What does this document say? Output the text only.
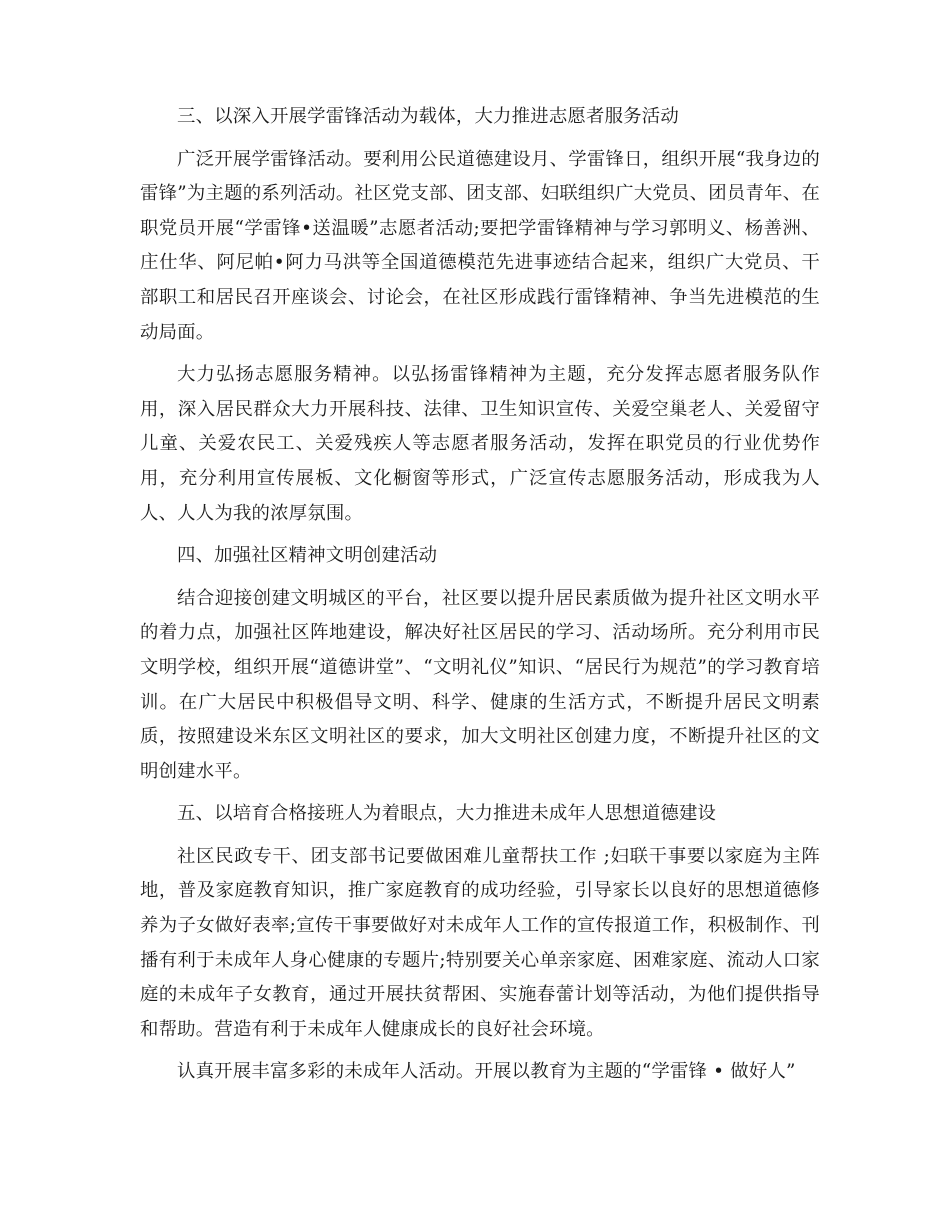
三、以深入开展学雷锋活动为载体，大力推进志愿者服务活动

广泛开展学雷锋活动。要利用公民道德建设月、学雷锋日，组织开展“我身边的雷锋”为主题的系列活动。社区党支部、团支部、妇联组织广大党员、团员青年、在职党员开展“学雷锋•送温暖”志愿者活动;要把学雷锋精神与学习郭明义、杨善洲、庄仕华、阿尼帕•阿力马洪等全国道德模范先进事迹结合起来，组织广大党员、干部职工和居民召开座谈会、讨论会，在社区形成践行雷锋精神、争当先进模范的生动局面。

大力弘扬志愿服务精神。以弘扬雷锋精神为主题，充分发挥志愿者服务队作用，深入居民群众大力开展科技、法律、卫生知识宣传、关爱空巢老人、关爱留守儿童、关爱农民工、关爱残疾人等志愿者服务活动，发挥在职党员的行业优势作用，充分利用宣传展板、文化橱窗等形式，广泛宣传志愿服务活动，形成我为人人、人人为我的浓厚氛围。

四、加强社区精神文明创建活动

结合迎接创建文明城区的平台，社区要以提升居民素质做为提升社区文明水平的着力点，加强社区阵地建设，解决好社区居民的学习、活动场所。充分利用市民文明学校，组织开展“道德讲堂”、“文明礼仪”知识、“居民行为规范”的学习教育培训。在广大居民中积极倡导文明、科学、健康的生活方式，不断提升居民文明素质，按照建设米东区文明社区的要求，加大文明社区创建力度，不断提升社区的文明创建水平。

五、以培育合格接班人为着眼点，大力推进未成年人思想道德建设

社区民政专干、团支部书记要做困难儿童帮扶工作 ;妇联干事要以家庭为主阵地，普及家庭教育知识，推广家庭教育的成功经验，引导家长以良好的思想道德修养为子女做好表率;宣传干事要做好对未成年人工作的宣传报道工作，积极制作、刊播有利于未成年人身心健康的专题片;特别要关心单亲家庭、困难家庭、流动人口家庭的未成年子女教育，通过开展扶贫帮困、实施春蕾计划等活动，为他们提供指导和帮助。营造有利于未成年人健康成长的良好社会环境。

认真开展丰富多彩的未成年人活动。开展以教育为主题的“学雷锋 • 做好人”
